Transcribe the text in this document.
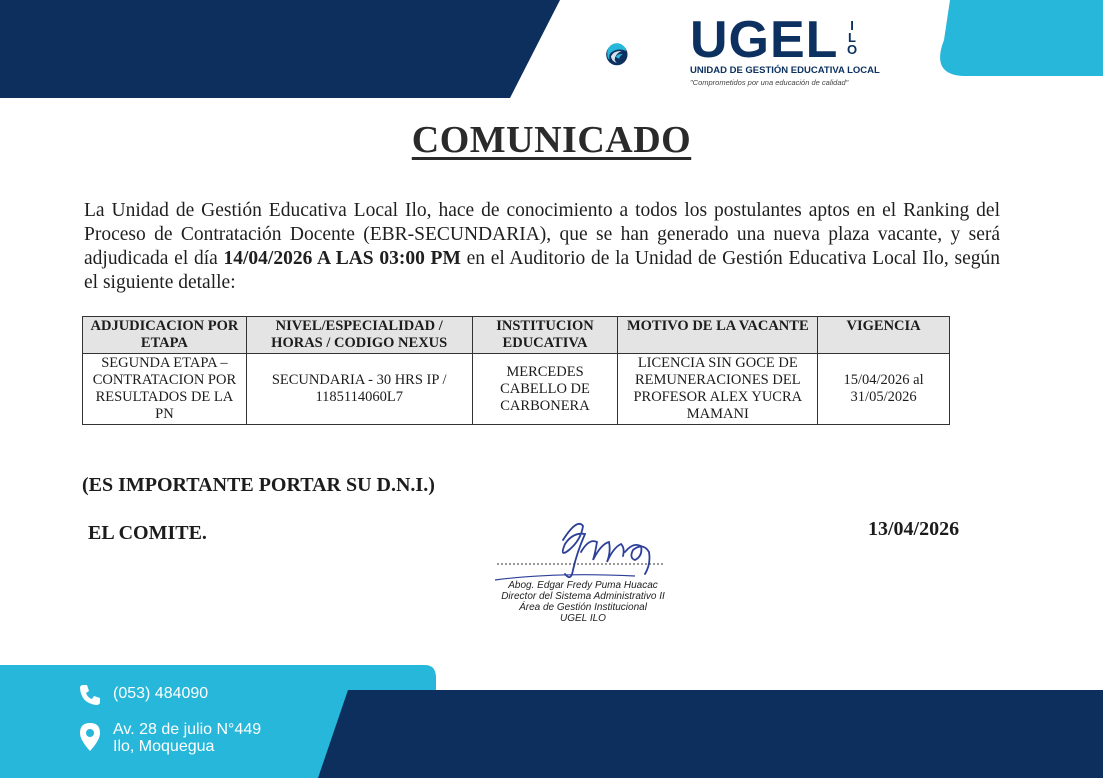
UGEL I
L
O
UNIDAD DE GESTIÓN EDUCATIVA LOCAL
"Comprometidos por una educación de calidad"
COMUNICADO
La Unidad de Gestión Educativa Local Ilo, hace de conocimiento a todos los postulantes aptos en el Ranking del Proceso de Contratación Docente (EBR-SECUNDARIA), que se han generado una nueva plaza vacante, y será adjudicada el día 14/04/2026 A LAS 03:00 PM en el Auditorio de la Unidad de Gestión Educativa Local Ilo, según el siguiente detalle:
ADJUDICACION POR ETAPA	NIVEL/ESPECIALIDAD / HORAS / CODIGO NEXUS	INSTITUCION EDUCATIVA	MOTIVO DE LA VACANTE	VIGENCIA
SEGUNDA ETAPA – CONTRATACION POR RESULTADOS DE LA PN	SECUNDARIA - 30 HRS IP / 1185114060L7	MERCEDES CABELLO DE CARBONERA	LICENCIA SIN GOCE DE REMUNERACIONES DEL PROFESOR ALEX YUCRA MAMANI	15/04/2026 al 31/05/2026
(ES IMPORTANTE PORTAR SU D.N.I.)
EL COMITE.	13/04/2026
Abog. Edgar Fredy Puma Huacac
Director del Sistema Administrativo II
Área de Gestión Institucional
UGEL ILO
(053) 484090
Av. 28 de julio N°449
Ilo, Moquegua
